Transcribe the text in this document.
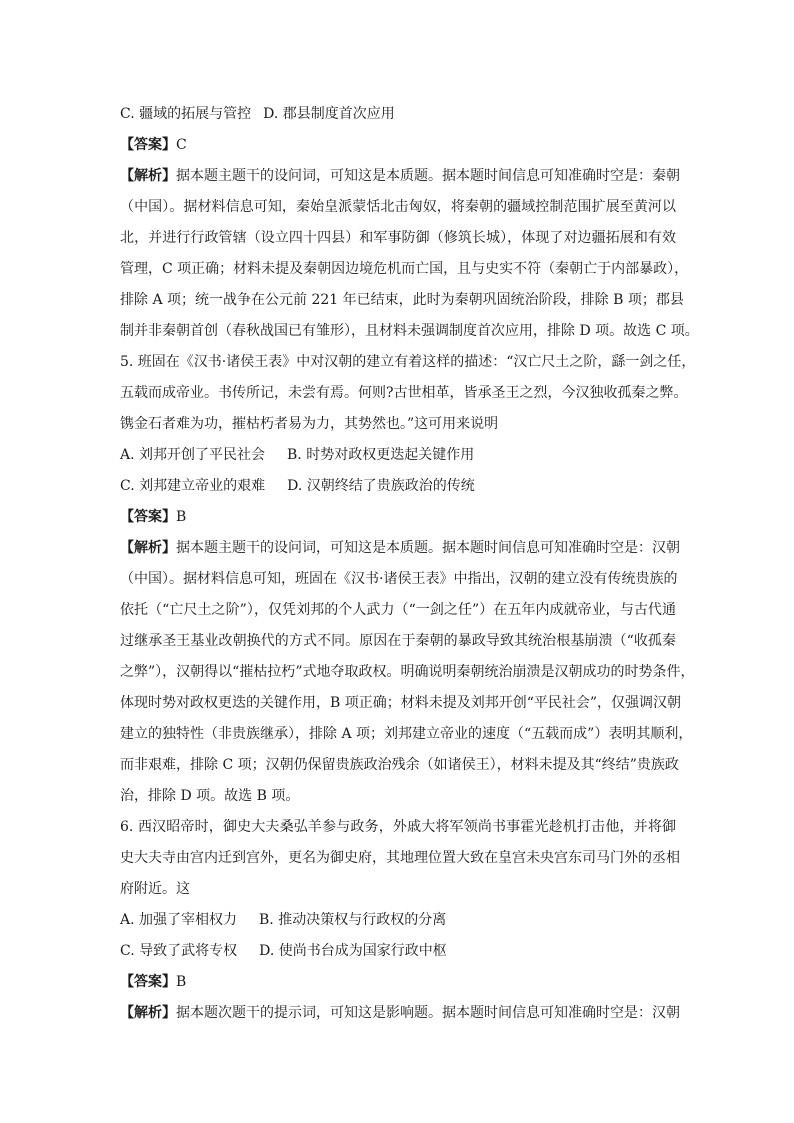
C. 疆域的拓展与管控 D. 郡县制度首次应用
【答案】C
【解析】据本题主题干的设问词，可知这是本质题。据本题时间信息可知准确时空是：秦朝
（中国）。据材料信息可知，秦始皇派蒙恬北击匈奴，将秦朝的疆域控制范围扩展至黄河以
北，并进行行政管辖（设立四十四县）和军事防御（修筑长城），体现了对边疆拓展和有效
管理，C 项正确；材料未提及秦朝因边境危机而亡国，且与史实不符（秦朝亡于内部暴政），
排除 A 项；统一战争在公元前 221 年已结束，此时为秦朝巩固统治阶段，排除 B 项；郡县
制并非秦朝首创（春秋战国已有雏形），且材料未强调制度首次应用，排除 D 项。故选 C 项。
5. 班固在《汉书·诸侯王表》中对汉朝的建立有着这样的描述：“汉亡尺土之阶，繇一剑之任，
五载而成帝业。书传所记，未尝有焉。何则?古世相革，皆承圣王之烈，今汉独收孤秦之弊。
镌金石者难为功，摧枯朽者易为力，其势然也。”这可用来说明
A. 刘邦开创了平民社会 B. 时势对政权更迭起关键作用
C. 刘邦建立帝业的艰难 D. 汉朝终结了贵族政治的传统
【答案】B
【解析】据本题主题干的设问词，可知这是本质题。据本题时间信息可知准确时空是：汉朝
（中国）。据材料信息可知，班固在《汉书·诸侯王表》中指出，汉朝的建立没有传统贵族的
依托（“亡尺土之阶”），仅凭刘邦的个人武力（“一剑之任”）在五年内成就帝业，与古代通
过继承圣王基业改朝换代的方式不同。原因在于秦朝的暴政导致其统治根基崩溃（“收孤秦
之弊”），汉朝得以“摧枯拉朽”式地夺取政权。明确说明秦朝统治崩溃是汉朝成功的时势条件，
体现时势对政权更迭的关键作用，B 项正确；材料未提及刘邦开创“平民社会”，仅强调汉朝
建立的独特性（非贵族继承），排除 A 项；刘邦建立帝业的速度（“五载而成”）表明其顺利，
而非艰难，排除 C 项；汉朝仍保留贵族政治残余（如诸侯王），材料未提及其“终结”贵族政
治，排除 D 项。故选 B 项。
6. 西汉昭帝时，御史大夫桑弘羊参与政务，外戚大将军领尚书事霍光趁机打击他，并将御
史大夫寺由宫内迁到宫外，更名为御史府，其地理位置大致在皇宫未央宫东司马门外的丞相
府附近。这
A. 加强了宰相权力 B. 推动决策权与行政权的分离
C. 导致了武将专权 D. 使尚书台成为国家行政中枢
【答案】B
【解析】据本题次题干的提示词，可知这是影响题。据本题时间信息可知准确时空是：汉朝
